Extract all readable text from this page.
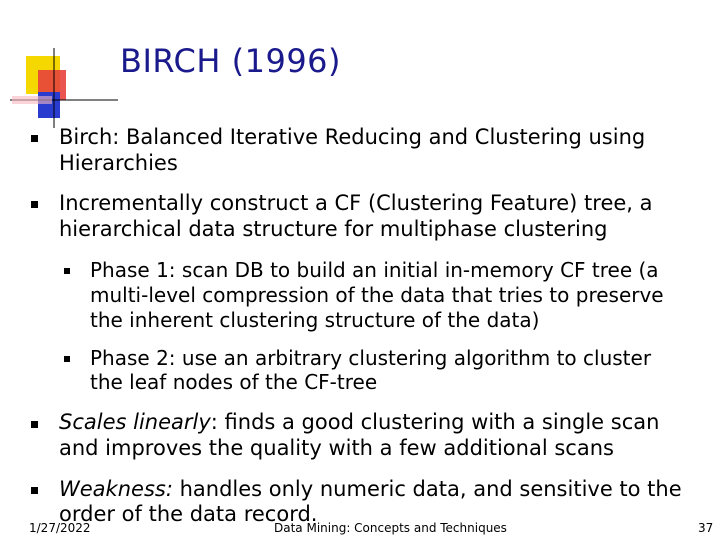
BIRCH (1996)
Birch: Balanced Iterative Reducing and Clustering using
Hierarchies
Incrementally construct a CF (Clustering Feature) tree, a
hierarchical data structure for multiphase clustering
Phase 1: scan DB to build an initial in-memory CF tree (a
multi-level compression of the data that tries to preserve
the inherent clustering structure of the data)
Phase 2: use an arbitrary clustering algorithm to cluster
the leaf nodes of the CF-tree
Scales linearly: finds a good clustering with a single scan
and improves the quality with a few additional scans
Weakness: handles only numeric data, and sensitive to the
order of the data record.
1/27/2022	Data Mining: Concepts and Techniques	37
